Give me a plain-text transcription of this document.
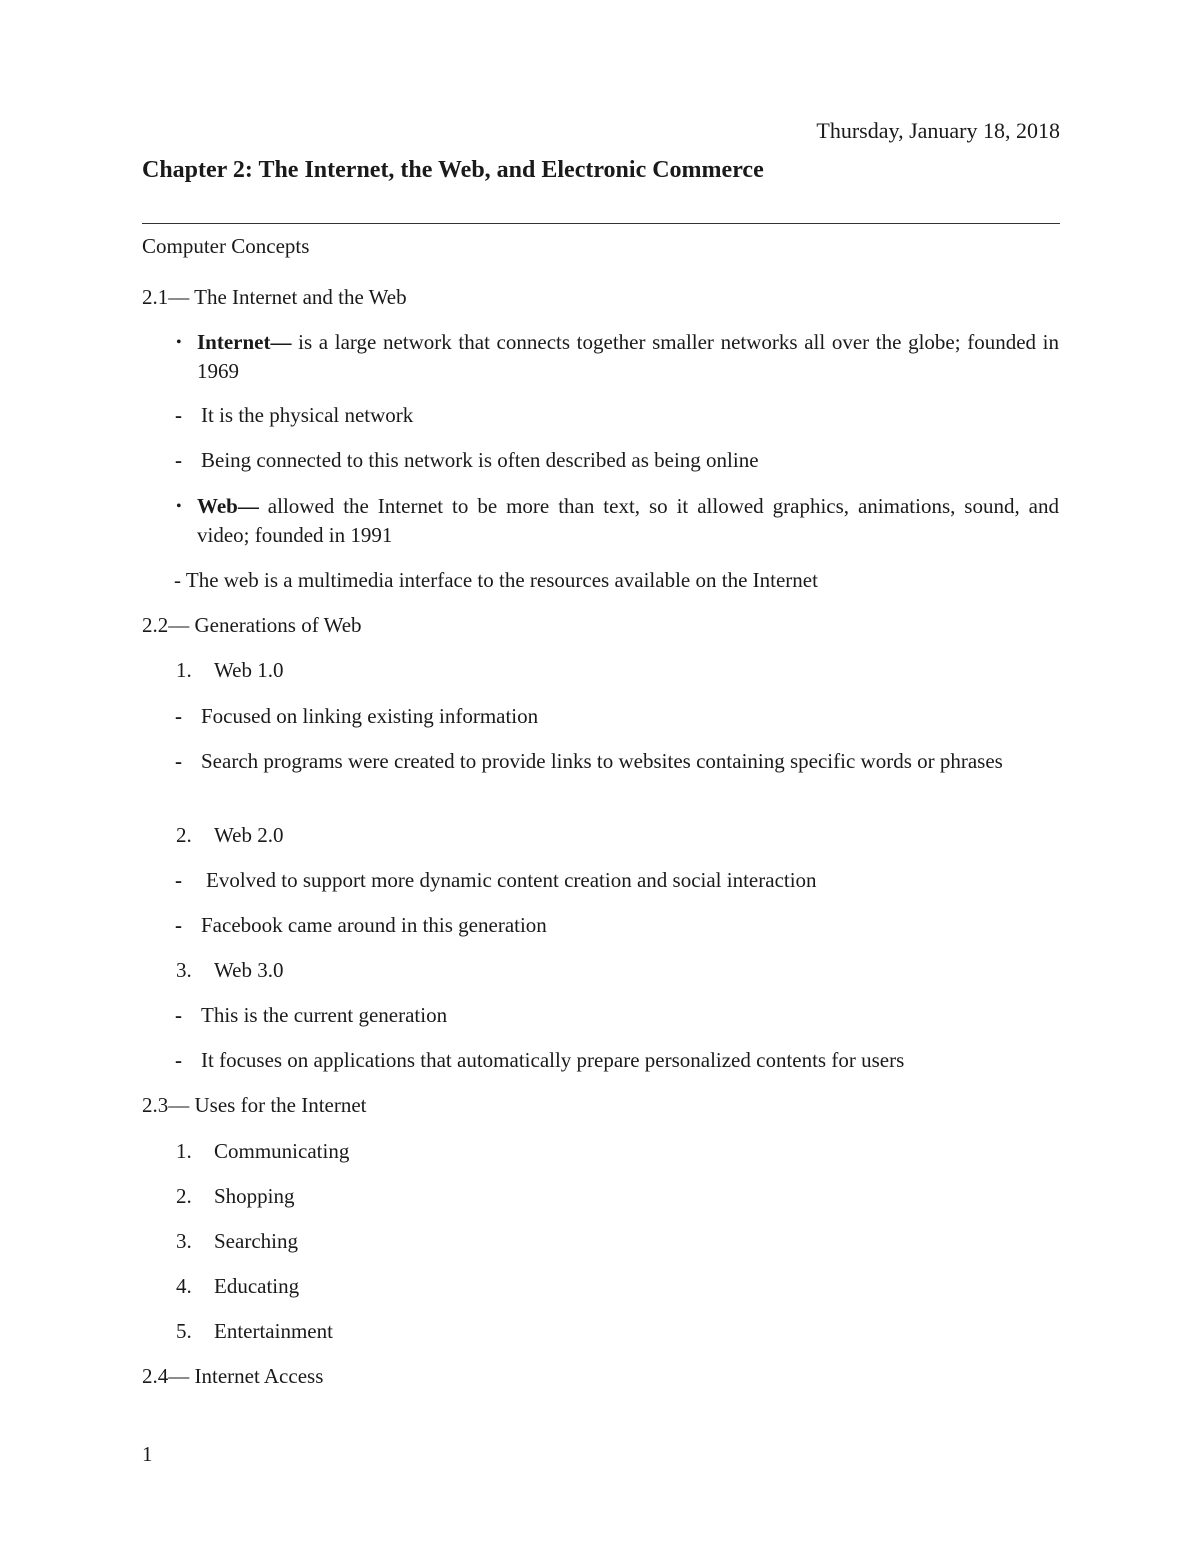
Thursday, January 18, 2018
Chapter 2: The Internet, the Web, and Electronic Commerce
Computer Concepts
2.1— The Internet and the Web
• Internet— is a large network that connects together smaller networks all over the globe; founded in 1969
- It is the physical network
- Being connected to this network is often described as being online
• Web— allowed the Internet to be more than text, so it allowed graphics, animations, sound, and video; founded in 1991
- The web is a multimedia interface to the resources available on the Internet
2.2— Generations of Web
1. Web 1.0
- Focused on linking existing information
- Search programs were created to provide links to websites containing specific words or phrases
2. Web 2.0
- Evolved to support more dynamic content creation and social interaction
- Facebook came around in this generation
3. Web 3.0
- This is the current generation
- It focuses on applications that automatically prepare personalized contents for users
2.3— Uses for the Internet
1. Communicating
2. Shopping
3. Searching
4. Educating
5. Entertainment
2.4— Internet Access
1
